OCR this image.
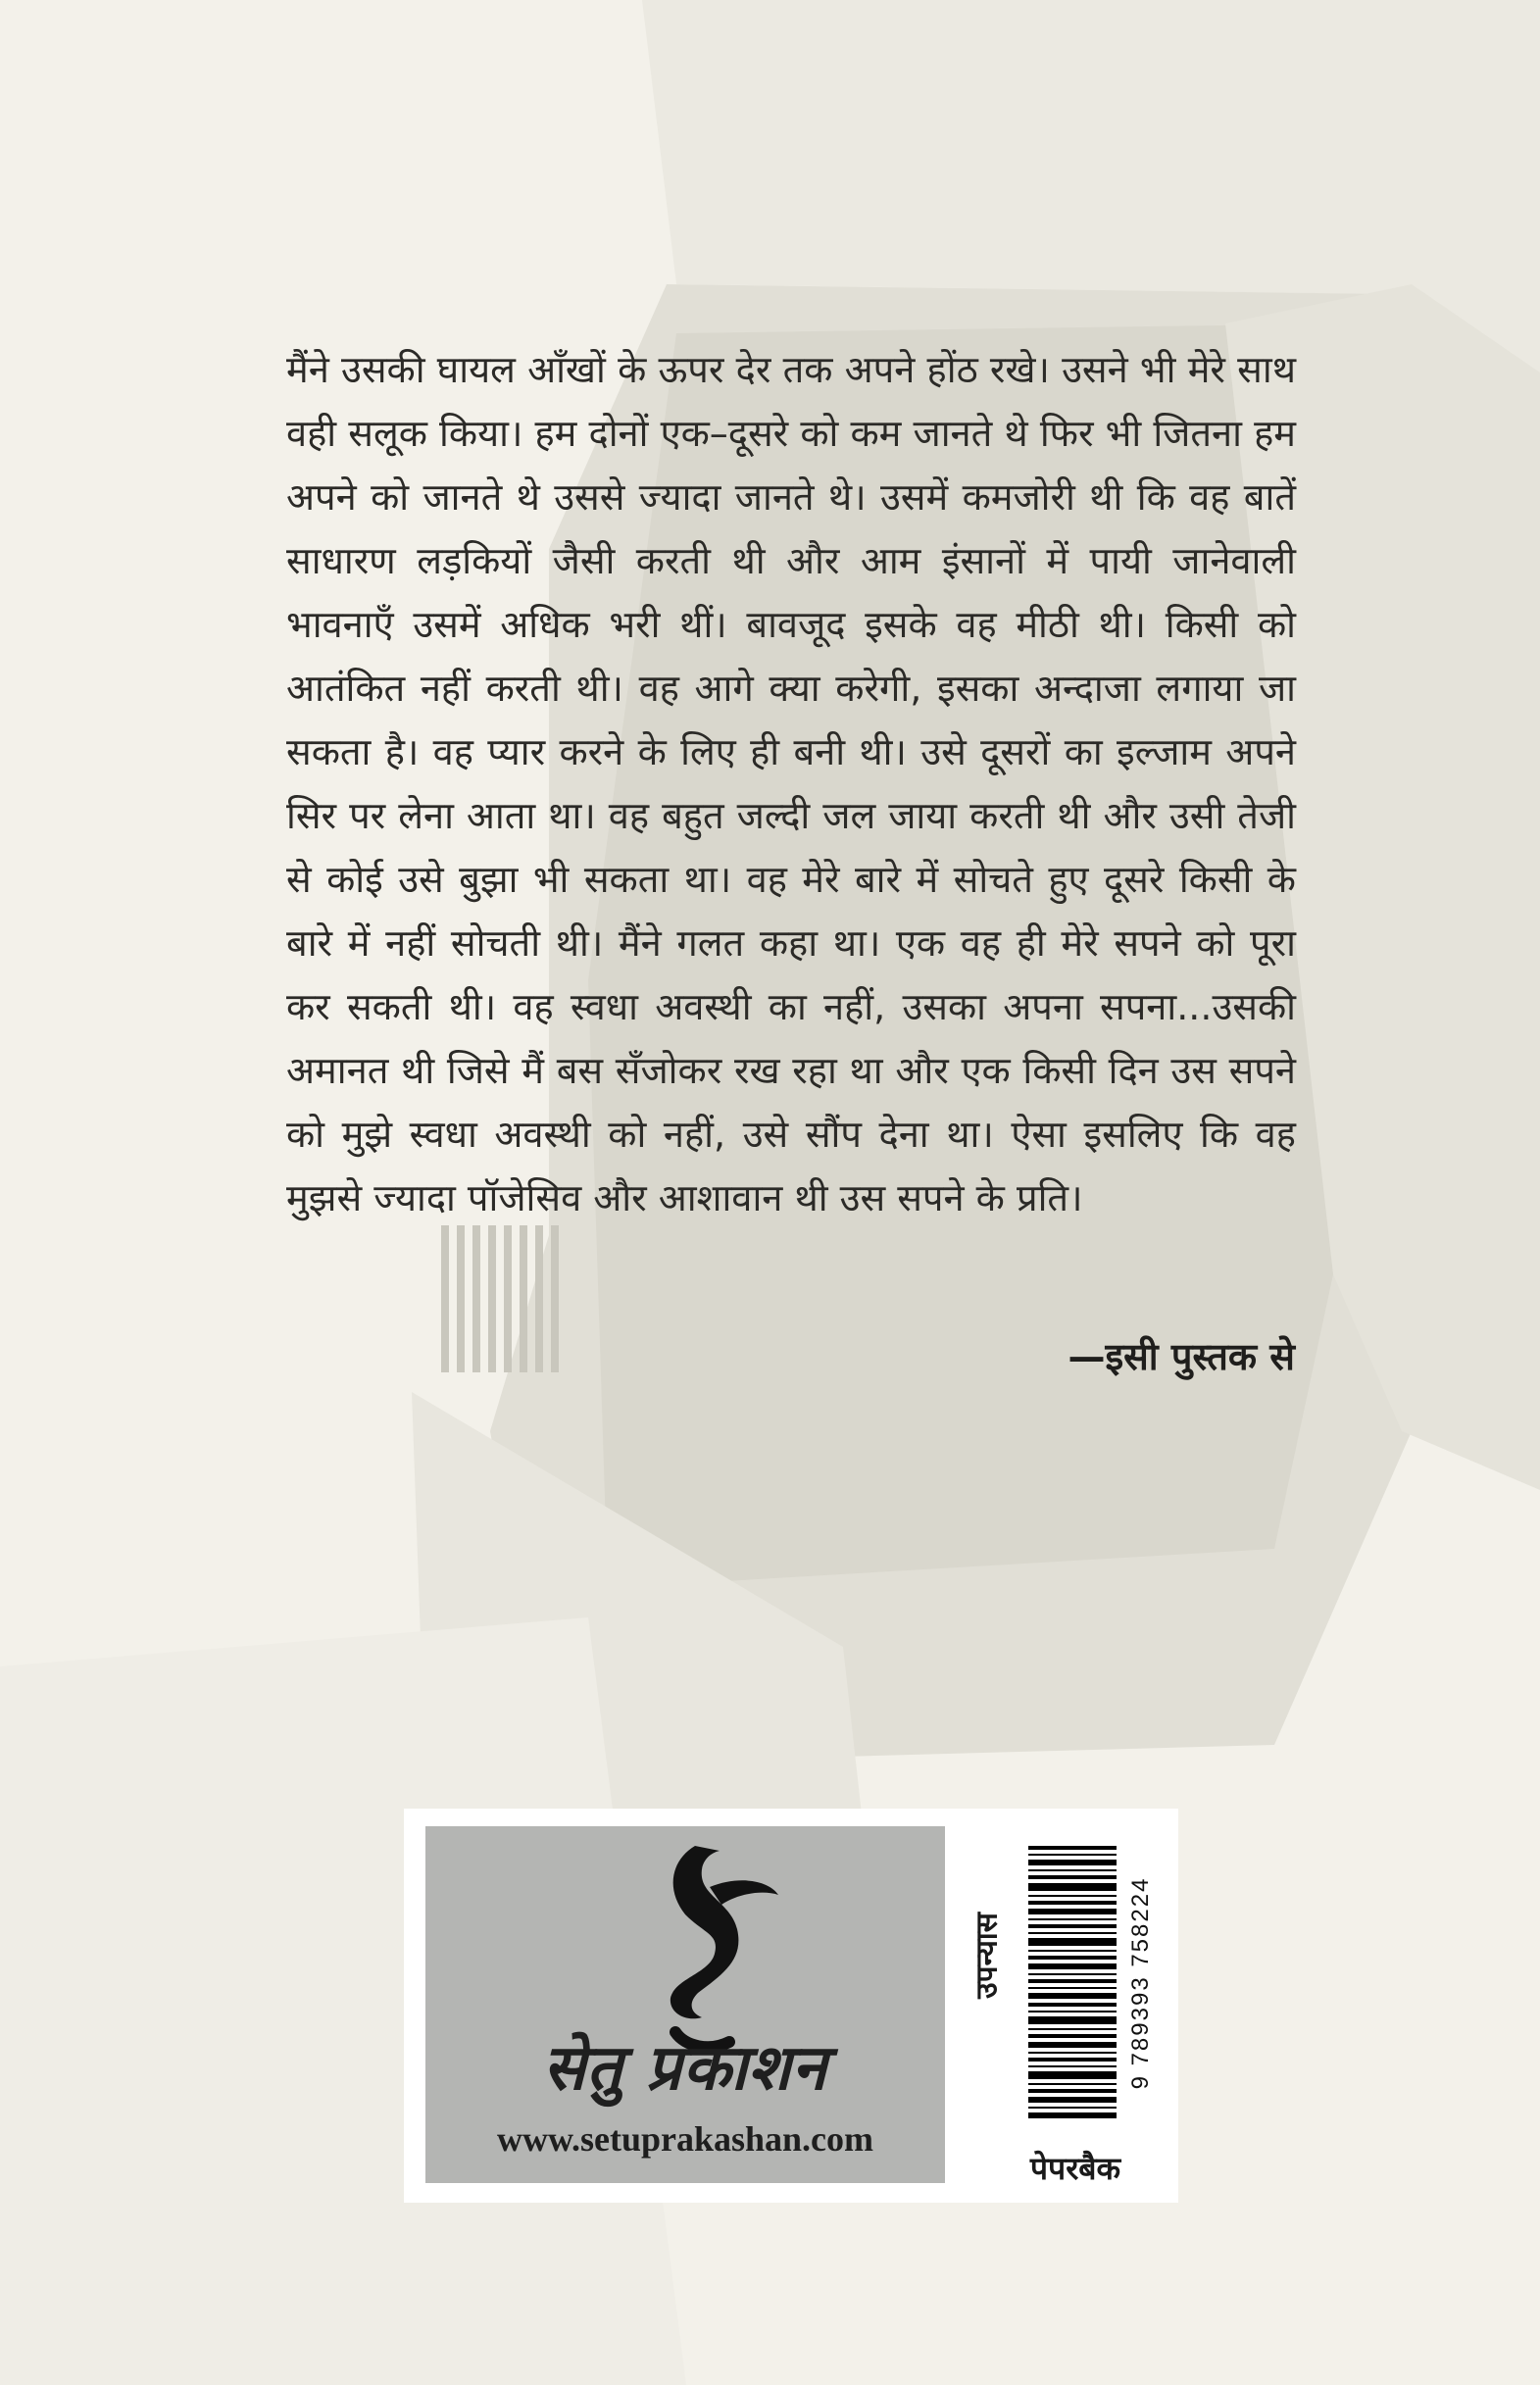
मैंने उसकी घायल आँखों के ऊपर देर तक अपने होंठ रखे। उसने भी मेरे साथ वही सलूक किया। हम दोनों एक–दूसरे को कम जानते थे फिर भी जितना हम अपने को जानते थे उससे ज्यादा जानते थे। उसमें कमजोरी थी कि वह बातें साधारण लड़कियों जैसी करती थी और आम इंसानों में पायी जानेवाली भावनाएँ उसमें अधिक भरी थीं। बावजूद इसके वह मीठी थी। किसी को आतंकित नहीं करती थी। वह आगे क्या करेगी, इसका अन्दाजा लगाया जा सकता है। वह प्यार करने के लिए ही बनी थी। उसे दूसरों का इल्जाम अपने सिर पर लेना आता था। वह बहुत जल्दी जल जाया करती थी और उसी तेजी से कोई उसे बुझा भी सकता था। वह मेरे बारे में सोचते हुए दूसरे किसी के बारे में नहीं सोचती थी। मैंने गलत कहा था। एक वह ही मेरे सपने को पूरा कर सकती थी। वह स्वधा अवस्थी का नहीं, उसका अपना सपना...उसकी अमानत थी जिसे मैं बस सँजोकर रख रहा था और एक किसी दिन उस सपने को मुझे स्वधा अवस्थी को नहीं, उसे सौंप देना था। ऐसा इसलिए कि वह मुझसे ज्यादा पॉजेसिव और आशावान थी उस सपने के प्रति।

—इसी पुस्तक से

सेतु प्रकाशन
www.setuprakashan.com
उपन्यास	9 789393 758224
पेपरबैक
